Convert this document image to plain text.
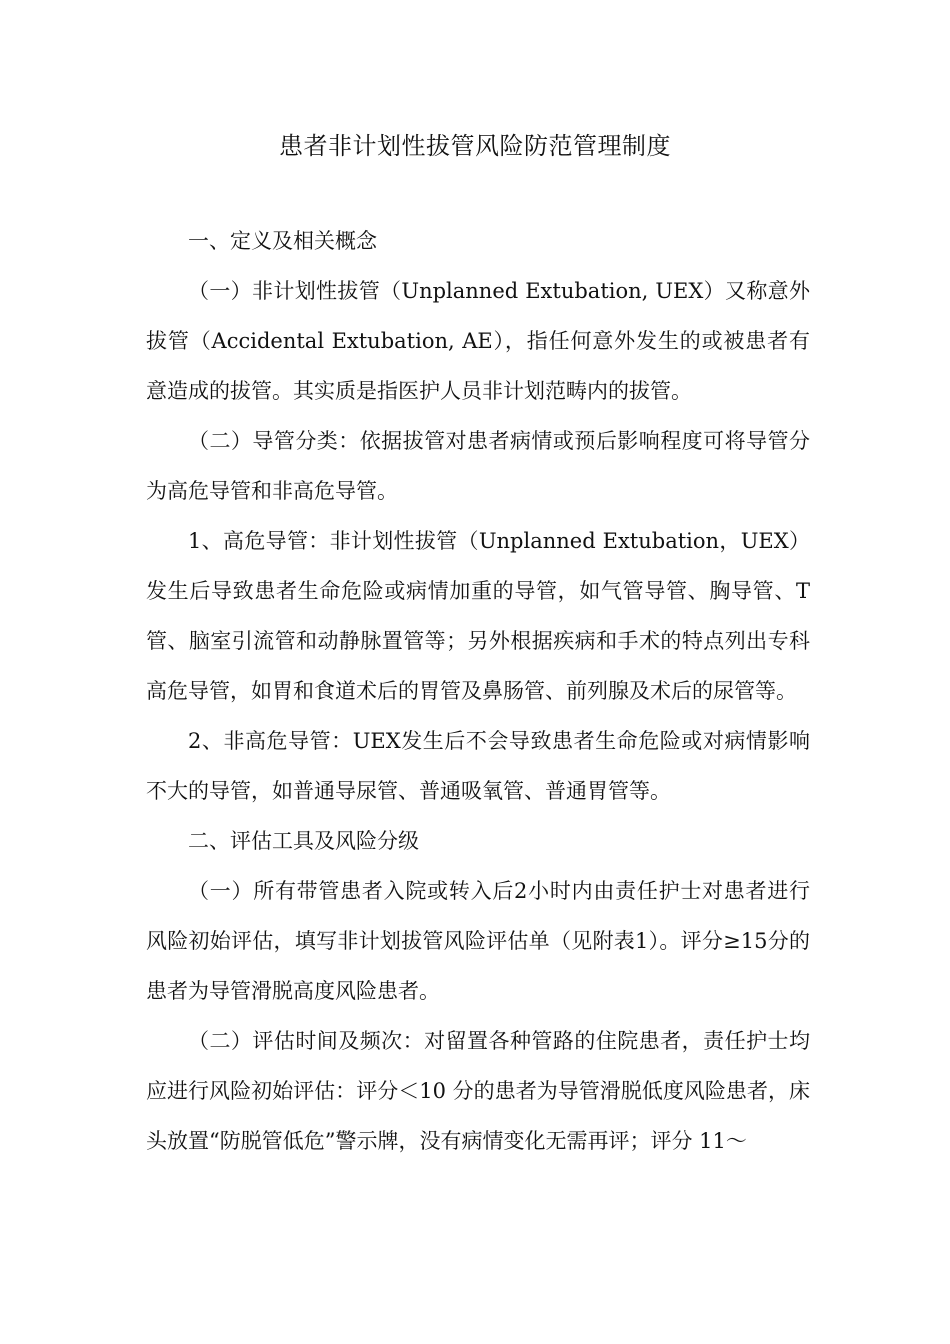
患者非计划性拔管风险防范管理制度

一、定义及相关概念

（一）非计划性拔管（Unplanned Extubation, UEX）又称意外拔管（Accidental Extubation, AE），指任何意外发生的或被患者有意造成的拔管。其实质是指医护人员非计划范畴内的拔管。

（二）导管分类：依据拔管对患者病情或预后影响程度可将导管分为高危导管和非高危导管。

1、高危导管：非计划性拔管（Unplanned Extubation，UEX）发生后导致患者生命危险或病情加重的导管，如气管导管、胸导管、T管、脑室引流管和动静脉置管等；另外根据疾病和手术的特点列出专科高危导管，如胃和食道术后的胃管及鼻肠管、前列腺及术后的尿管等。

2、非高危导管：UEX发生后不会导致患者生命危险或对病情影响不大的导管，如普通导尿管、普通吸氧管、普通胃管等。

二、评估工具及风险分级

（一）所有带管患者入院或转入后2小时内由责任护士对患者进行风险初始评估，填写非计划拔管风险评估单（见附表1）。评分≥15分的患者为导管滑脱高度风险患者。

（二）评估时间及频次：对留置各种管路的住院患者，责任护士均应进行风险初始评估：评分＜10 分的患者为导管滑脱低度风险患者，床头放置“防脱管低危”警示牌，没有病情变化无需再评；评分 11～
